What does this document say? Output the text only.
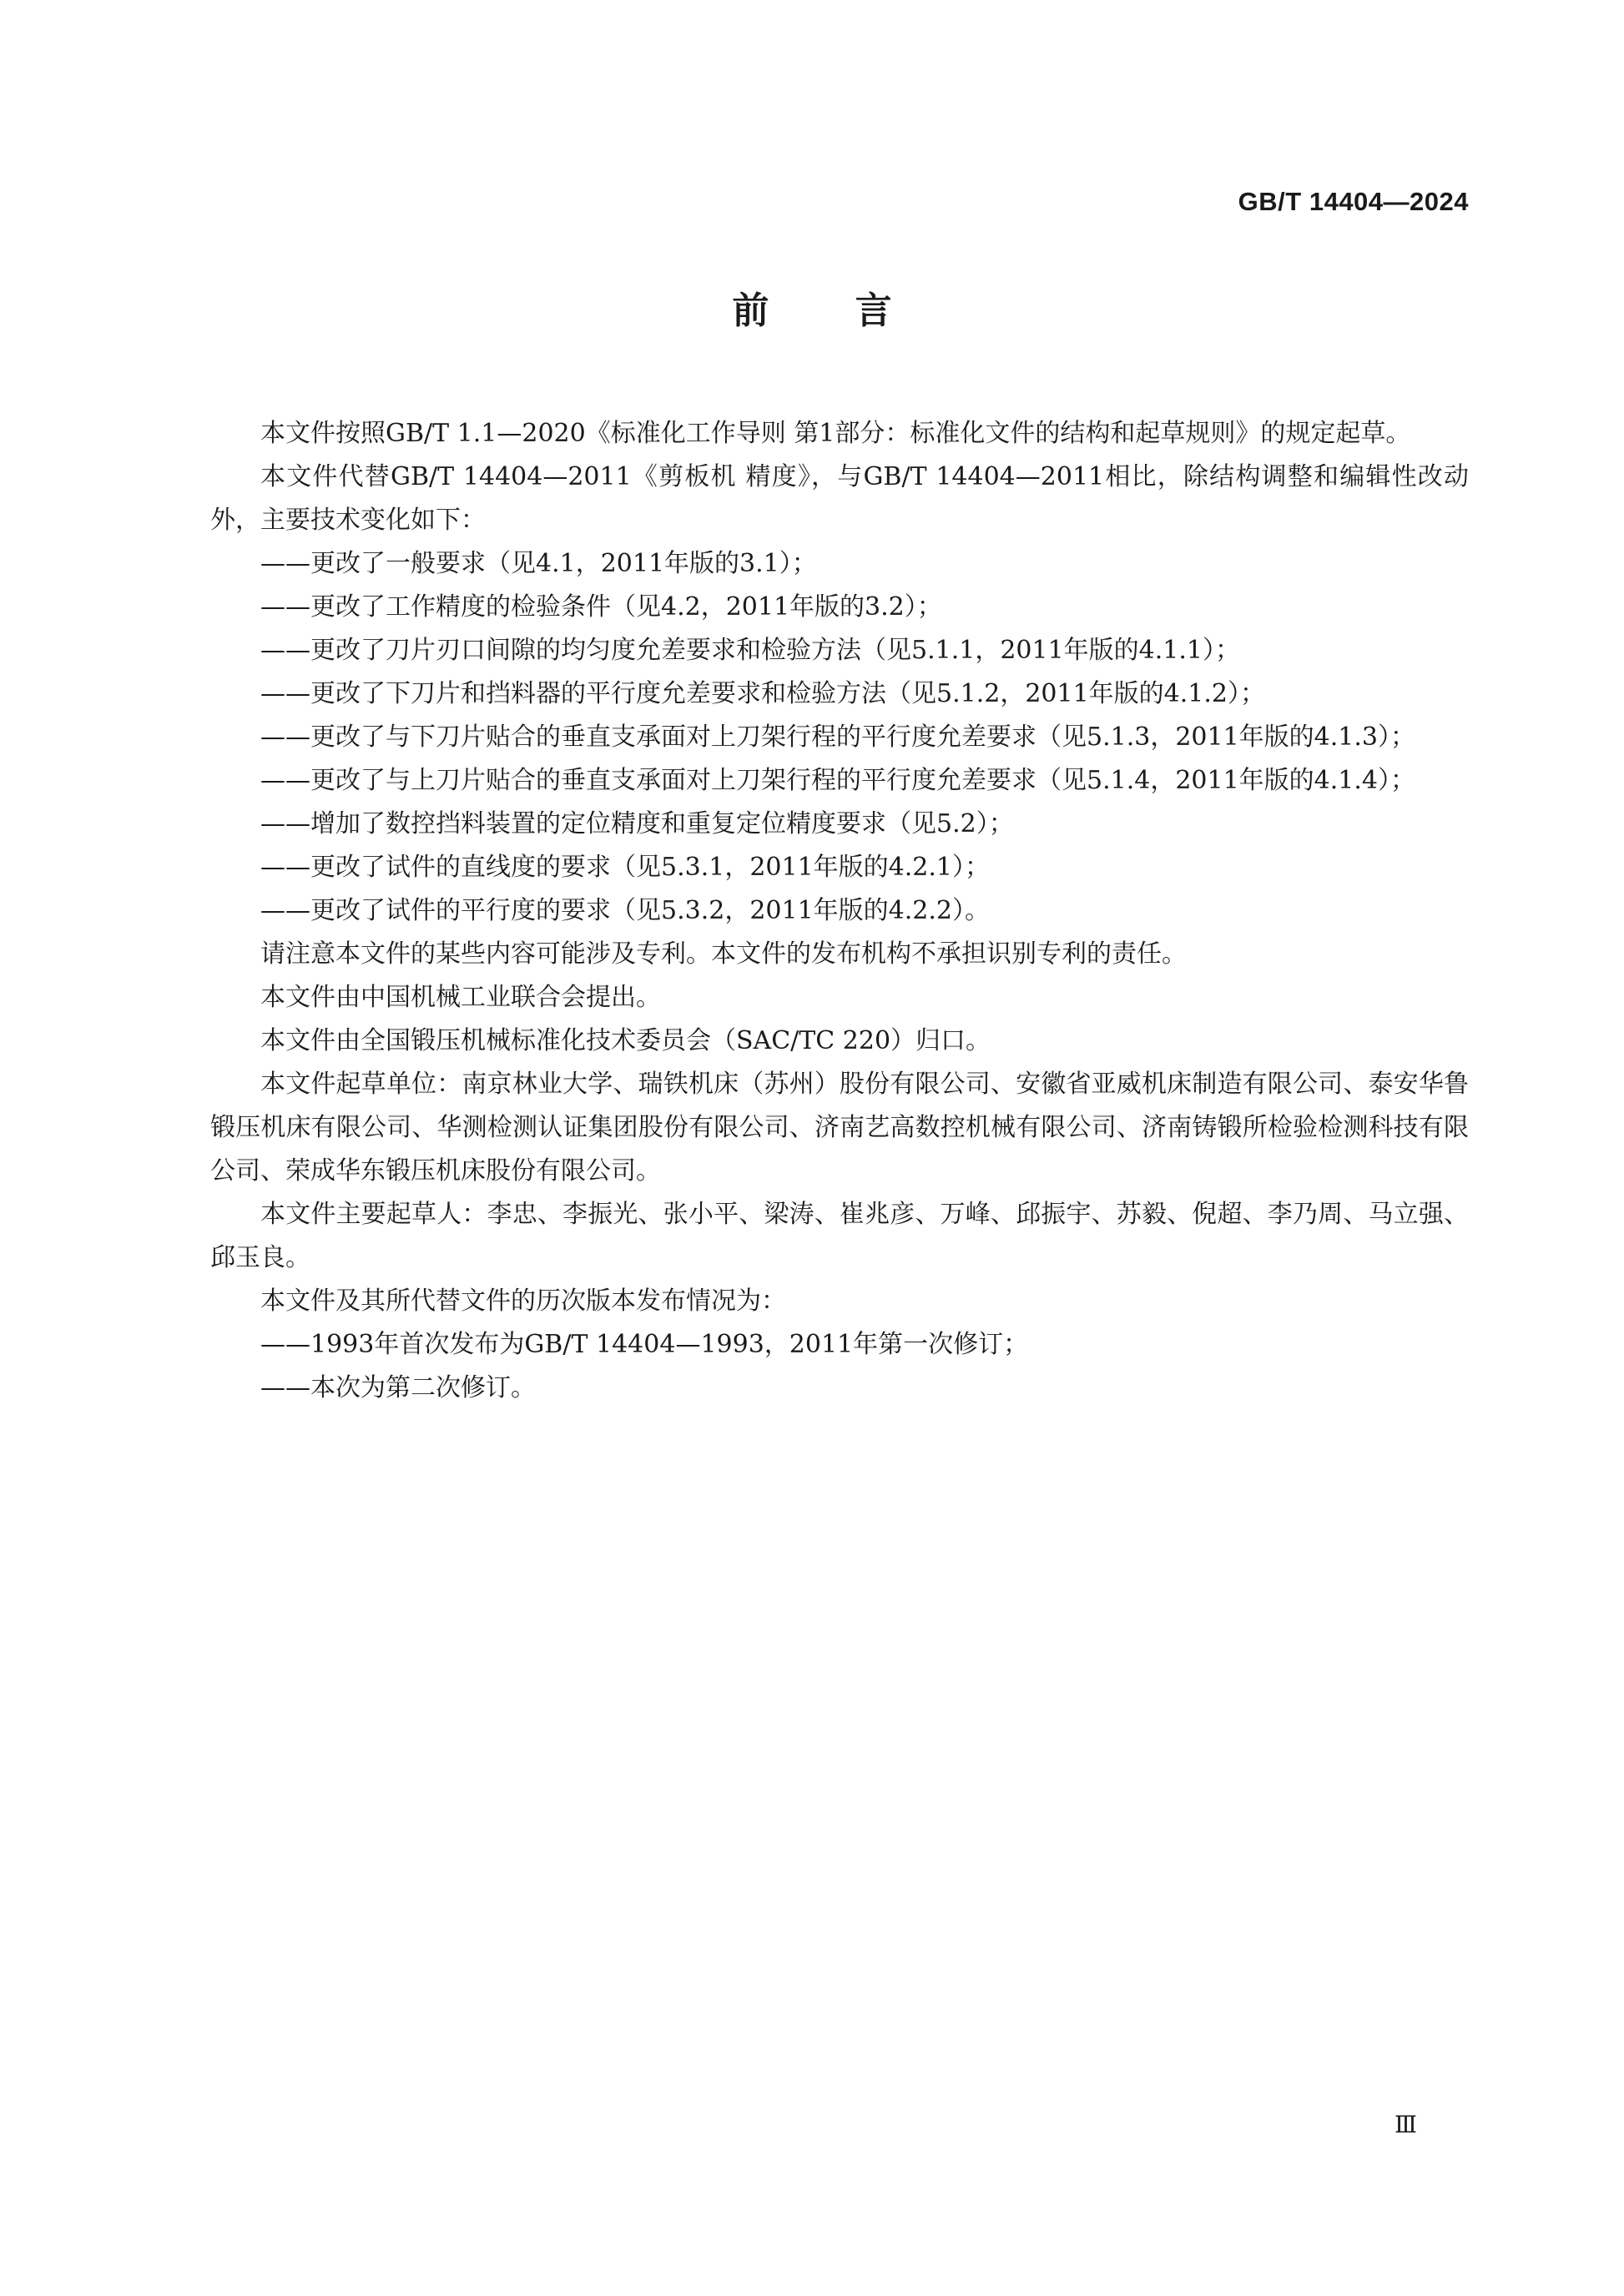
GB/T 14404—2024
前 言

本文件按照GB/T 1.1—2020《标准化工作导则 第1部分：标准化文件的结构和起草规则》的规定起草。

本文件代替GB/T 14404—2011《剪板机 精度》，与GB/T 14404—2011相比，除结构调整和编辑性改动外，主要技术变化如下：

——更改了一般要求（见4.1，2011年版的3.1）；

——更改了工作精度的检验条件（见4.2，2011年版的3.2）；

——更改了刀片刃口间隙的均匀度允差要求和检验方法（见5.1.1，2011年版的4.1.1）；

——更改了下刀片和挡料器的平行度允差要求和检验方法（见5.1.2，2011年版的4.1.2）；

——更改了与下刀片贴合的垂直支承面对上刀架行程的平行度允差要求（见5.1.3，2011年版的4.1.3）；

——更改了与上刀片贴合的垂直支承面对上刀架行程的平行度允差要求（见5.1.4，2011年版的4.1.4）；

——增加了数控挡料装置的定位精度和重复定位精度要求（见5.2）；

——更改了试件的直线度的要求（见5.3.1，2011年版的4.2.1）；

——更改了试件的平行度的要求（见5.3.2，2011年版的4.2.2）。

请注意本文件的某些内容可能涉及专利。本文件的发布机构不承担识别专利的责任。

本文件由中国机械工业联合会提出。

本文件由全国锻压机械标准化技术委员会（SAC/TC 220）归口。

本文件起草单位：南京林业大学、瑞铁机床（苏州）股份有限公司、安徽省亚威机床制造有限公司、泰安华鲁锻压机床有限公司、华测检测认证集团股份有限公司、济南艺高数控机械有限公司、济南铸锻所检验检测科技有限公司、荣成华东锻压机床股份有限公司。

本文件主要起草人：李忠、李振光、张小平、梁涛、崔兆彦、万峰、邱振宇、苏毅、倪超、李乃周、马立强、邱玉良。

本文件及其所代替文件的历次版本发布情况为：

——1993年首次发布为GB/T 14404—1993，2011年第一次修订；

——本次为第二次修订。

Ⅲ
